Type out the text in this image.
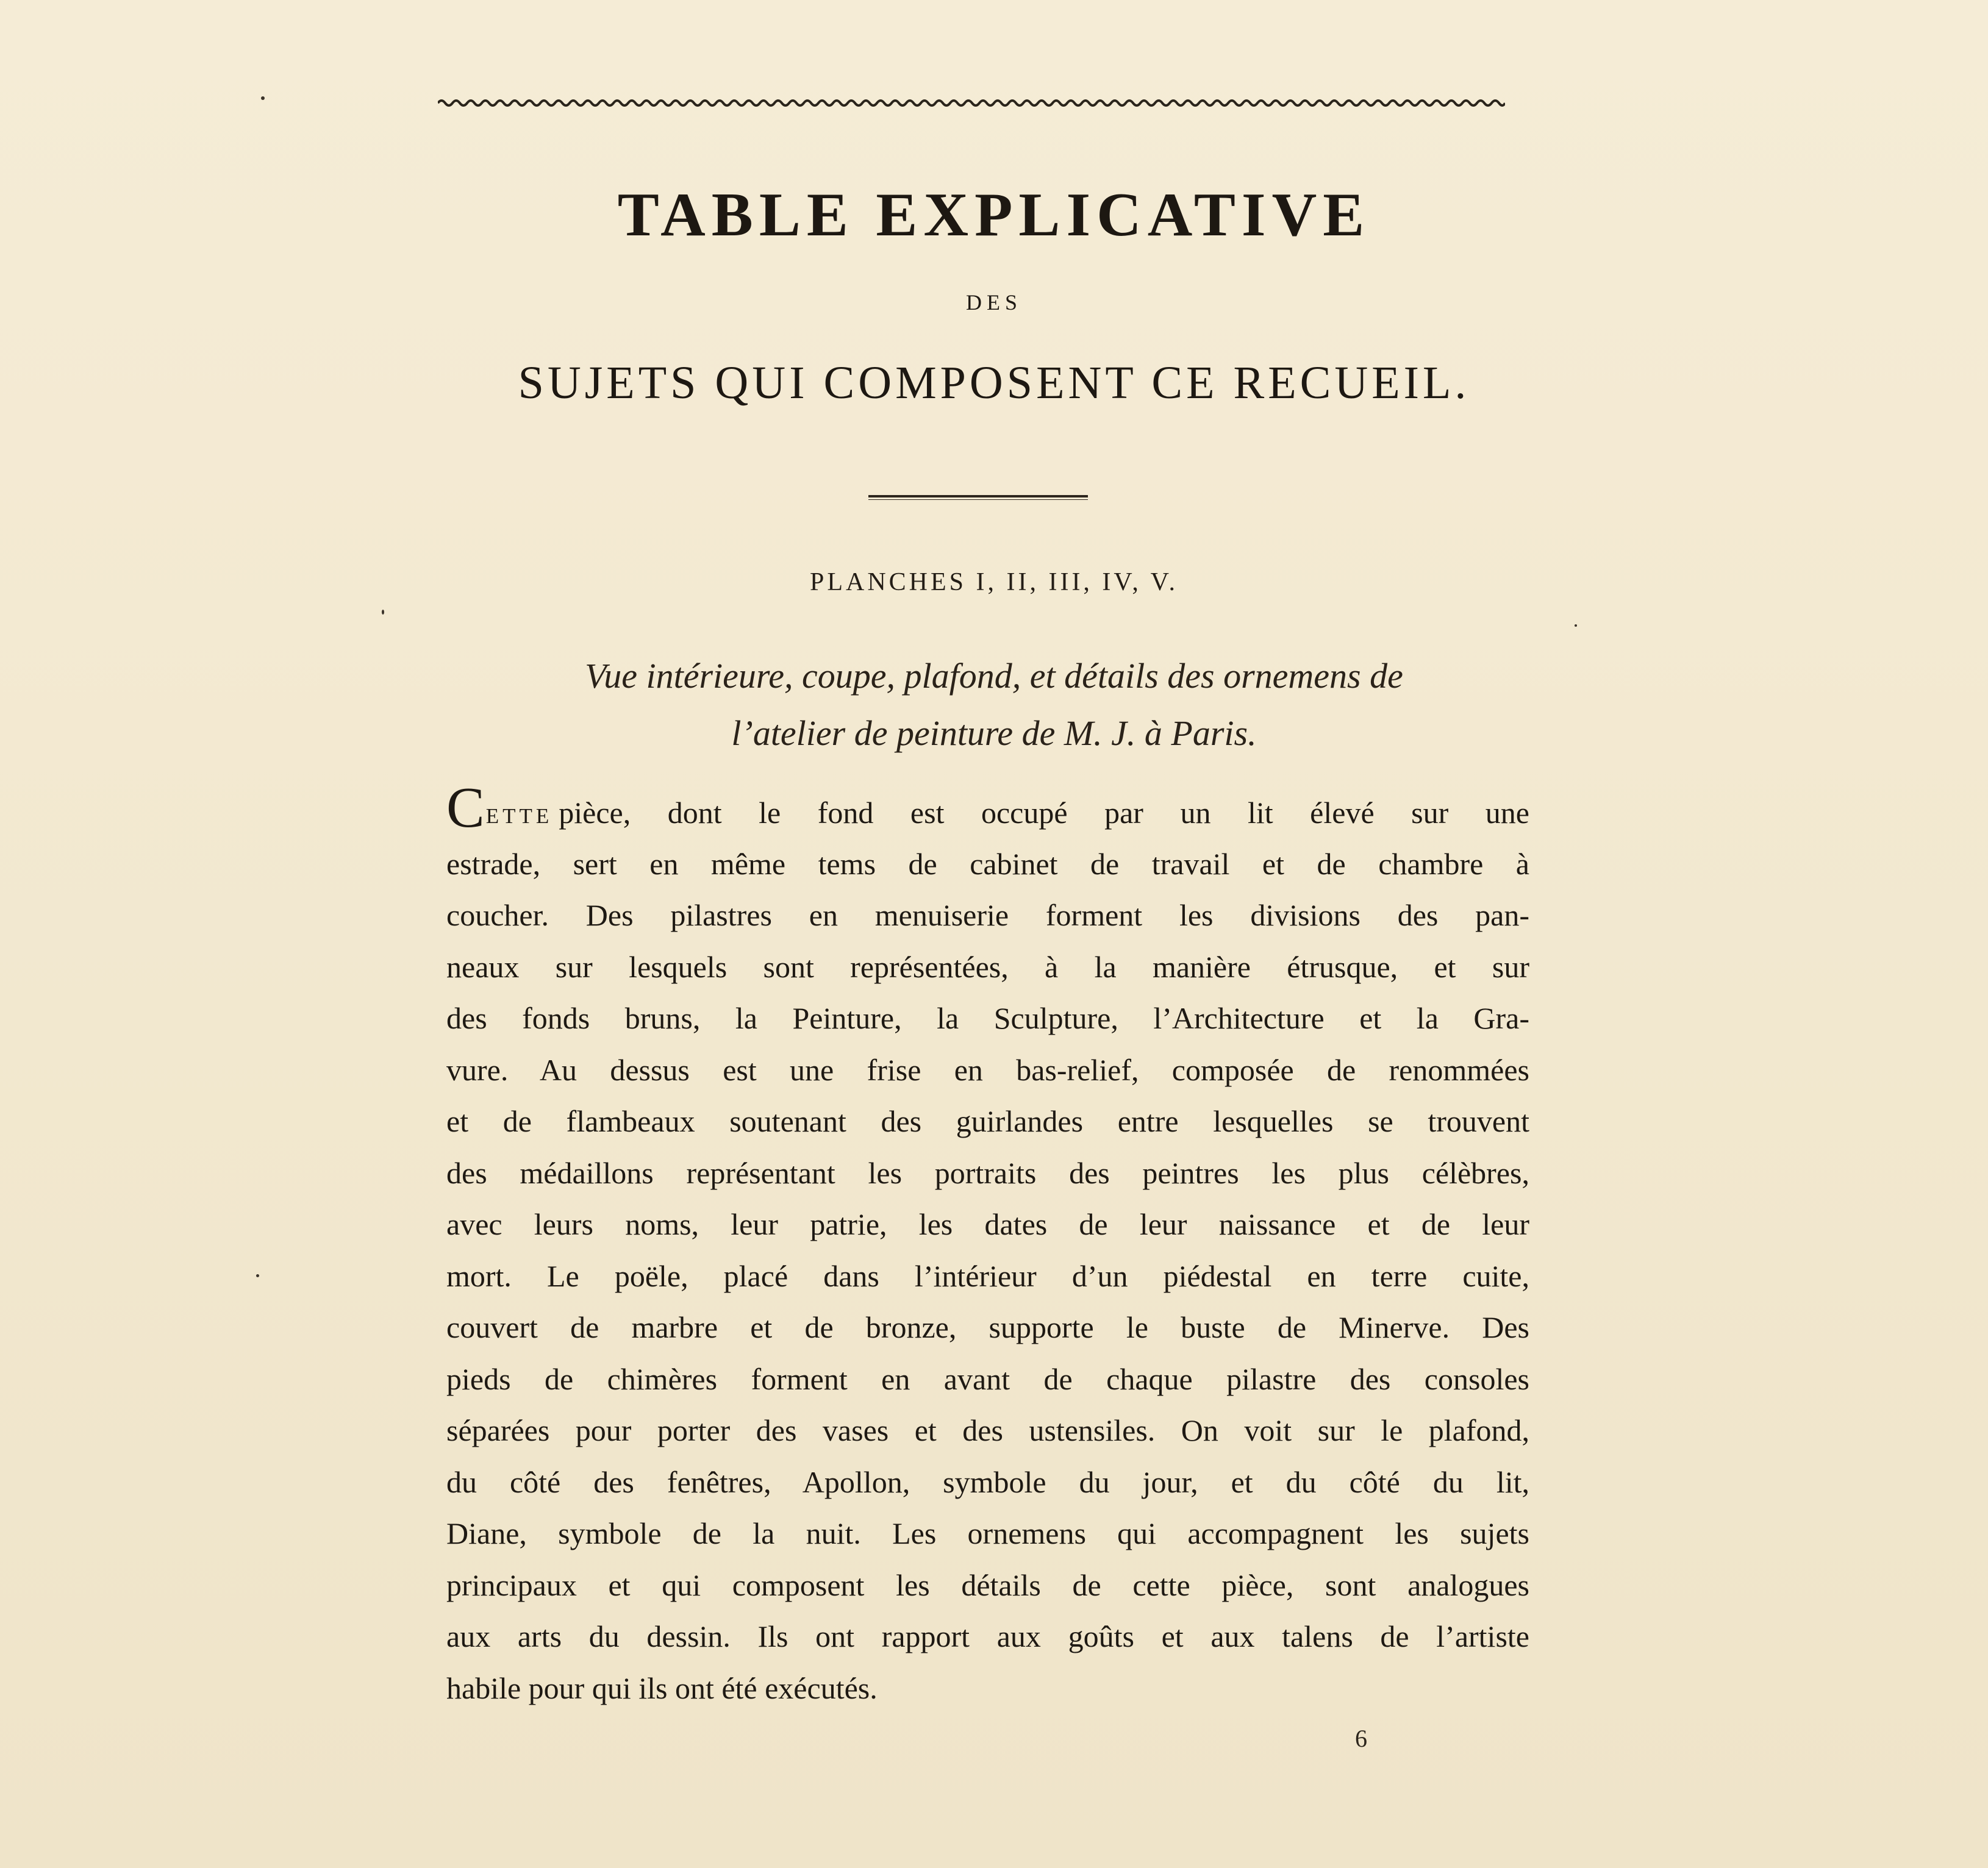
TABLE EXPLICATIVE
DES
SUJETS QUI COMPOSENT CE RECUEIL.
PLANCHES I, II, III, IV, V.
Vue intérieure, coupe, plafond, et détails des ornemens de
l’atelier de peinture de M. J. à Paris.
Cette pièce, dont le fond est occupé par un lit élevé sur une
estrade, sert en même tems de cabinet de travail et de chambre à
coucher. Des pilastres en menuiserie forment les divisions des pan-
neaux sur lesquels sont représentées, à la manière étrusque, et sur
des fonds bruns, la Peinture, la Sculpture, l’Architecture et la Gra-
vure. Au dessus est une frise en bas-relief, composée de renommées
et de flambeaux soutenant des guirlandes entre lesquelles se trouvent
des médaillons représentant les portraits des peintres les plus célèbres,
avec leurs noms, leur patrie, les dates de leur naissance et de leur
mort. Le poële, placé dans l’intérieur d’un piédestal en terre cuite,
couvert de marbre et de bronze, supporte le buste de Minerve. Des
pieds de chimères forment en avant de chaque pilastre des consoles
séparées pour porter des vases et des ustensiles. On voit sur le plafond,
du côté des fenêtres, Apollon, symbole du jour, et du côté du lit,
Diane, symbole de la nuit. Les ornemens qui accompagnent les sujets
principaux et qui composent les détails de cette pièce, sont analogues
aux arts du dessin. Ils ont rapport aux goûts et aux talens de l’artiste
habile pour qui ils ont été exécutés.
6
